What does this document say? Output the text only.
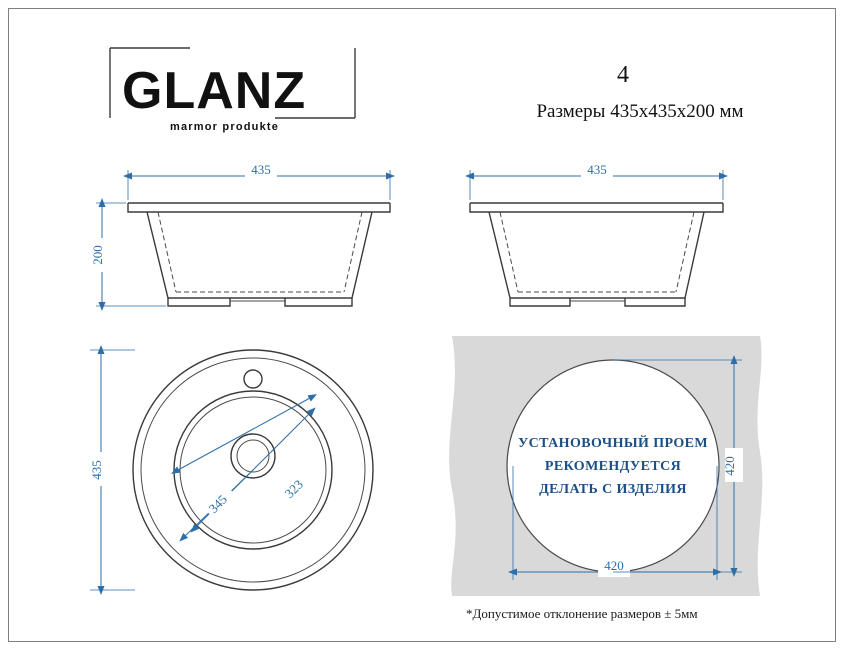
GLANZ
marmor produkte
4
Размеры 435x435x200 мм
435
200
435
323
345
435
УСТАНОВОЧНЫЙ ПРОЕМ
РЕКОМЕНДУЕТСЯ
ДЕЛАТЬ С ИЗДЕЛИЯ
420
420
*Допустимое отклонение размеров ± 5мм
